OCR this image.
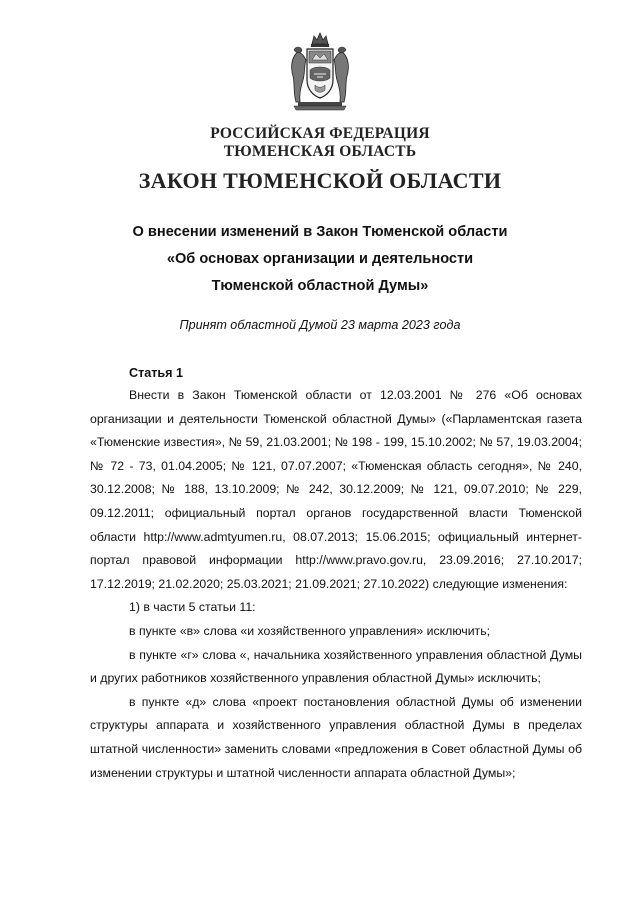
РОССИЙСКАЯ ФЕДЕРАЦИЯ
ТЮМЕНСКАЯ ОБЛАСТЬ
ЗАКОН ТЮМЕНСКОЙ ОБЛАСТИ
О внесении изменений в Закон Тюменской области
«Об основах организации и деятельности
Тюменской областной Думы»
Принят областной Думой 23 марта 2023 года
Статья 1

Внести в Закон Тюменской области от 12.03.2001 № 276 «Об основах организации и деятельности Тюменской областной Думы» («Парламентская газета «Тюменские известия», № 59, 21.03.2001; № 198 - 199, 15.10.2002; № 57, 19.03.2004; № 72 - 73, 01.04.2005; № 121, 07.07.2007; «Тюменская область сегодня», № 240, 30.12.2008; № 188, 13.10.2009; № 242, 30.12.2009; № 121, 09.07.2010; № 229, 09.12.2011; официальный портал органов государственной власти Тюменской области http://www.admtyumen.ru, 08.07.2013; 15.06.2015; официальный интернет-портал правовой информации http://www.pravo.gov.ru, 23.09.2016; 27.10.2017; 17.12.2019; 21.02.2020; 25.03.2021; 21.09.2021; 27.10.2022) следующие изменения:

1) в части 5 статьи 11:

в пункте «в» слова «и хозяйственного управления» исключить;

в пункте «г» слова «, начальника хозяйственного управления областной Думы и других работников хозяйственного управления областной Думы» исключить;

в пункте «д» слова «проект постановления областной Думы об изменении структуры аппарата и хозяйственного управления областной Думы в пределах штатной численности» заменить словами «предложения в Совет областной Думы об изменении структуры и штатной численности аппарата областной Думы»;
